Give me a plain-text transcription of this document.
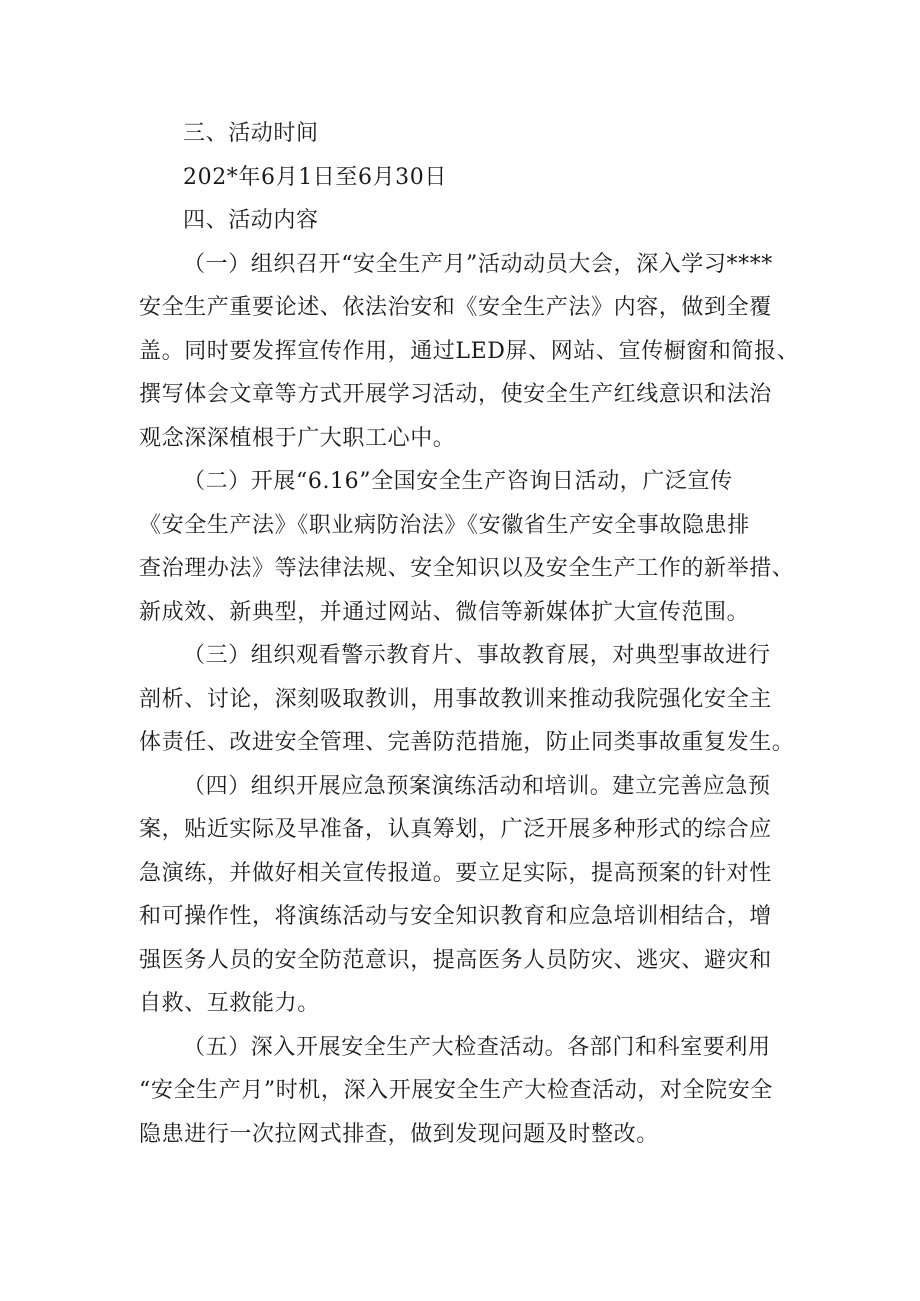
三、活动时间
202*年6月1日至6月30日
四、活动内容
（一）组织召开“安全生产月”活动动员大会，深入学习****
安全生产重要论述、依法治安和《安全生产法》内容，做到全覆
盖。同时要发挥宣传作用，通过LED屏、网站、宣传橱窗和简报、
撰写体会文章等方式开展学习活动，使安全生产红线意识和法治
观念深深植根于广大职工心中。
（二）开展“6.16”全国安全生产咨询日活动，广泛宣传
《安全生产法》《职业病防治法》《安徽省生产安全事故隐患排
查治理办法》等法律法规、安全知识以及安全生产工作的新举措、
新成效、新典型，并通过网站、微信等新媒体扩大宣传范围。
（三）组织观看警示教育片、事故教育展，对典型事故进行
剖析、讨论，深刻吸取教训，用事故教训来推动我院强化安全主
体责任、改进安全管理、完善防范措施，防止同类事故重复发生。
（四）组织开展应急预案演练活动和培训。建立完善应急预
案，贴近实际及早准备，认真筹划，广泛开展多种形式的综合应
急演练，并做好相关宣传报道。要立足实际，提高预案的针对性
和可操作性，将演练活动与安全知识教育和应急培训相结合，增
强医务人员的安全防范意识，提高医务人员防灾、逃灾、避灾和
自救、互救能力。
（五）深入开展安全生产大检查活动。各部门和科室要利用
“安全生产月”时机，深入开展安全生产大检查活动，对全院安全
隐患进行一次拉网式排查，做到发现问题及时整改。
